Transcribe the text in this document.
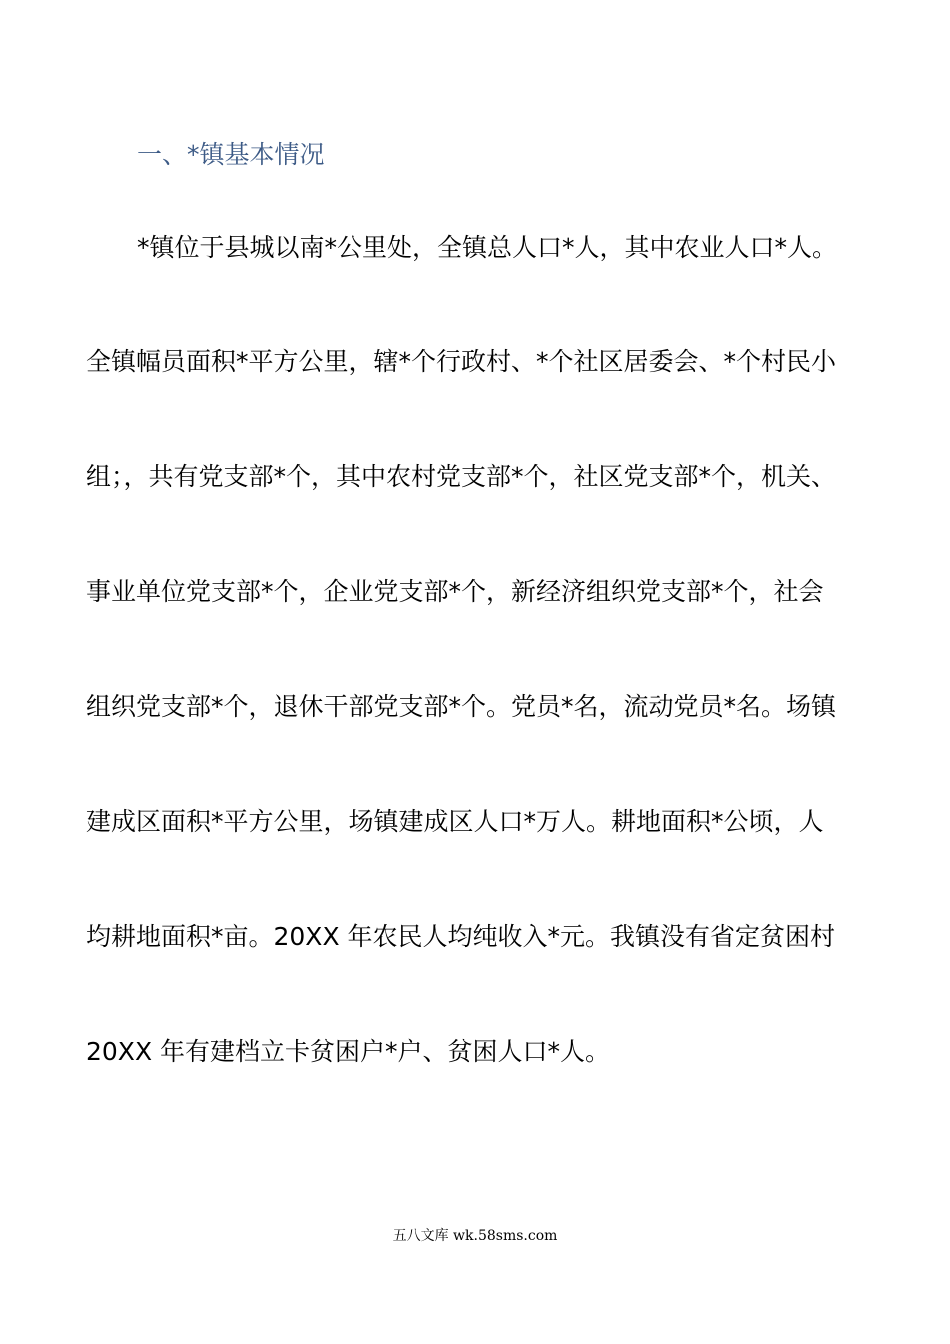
一、*镇基本情况
*镇位于县城以南*公里处，全镇总人口*人，其中农业人口*人。
全镇幅员面积*平方公里，辖*个行政村、*个社区居委会、*个村民小
组；，共有党支部*个，其中农村党支部*个，社区党支部*个，机关、
事业单位党支部*个，企业党支部*个，新经济组织党支部*个，社会
组织党支部*个，退休干部党支部*个。党员*名，流动党员*名。场镇
建成区面积*平方公里，场镇建成区人口*万人。耕地面积*公顷，人
均耕地面积*亩。20XX 年农民人均纯收入*元。我镇没有省定贫困村
20XX 年有建档立卡贫困户*户、贫困人口*人。
五八文库 wk.58sms.com
